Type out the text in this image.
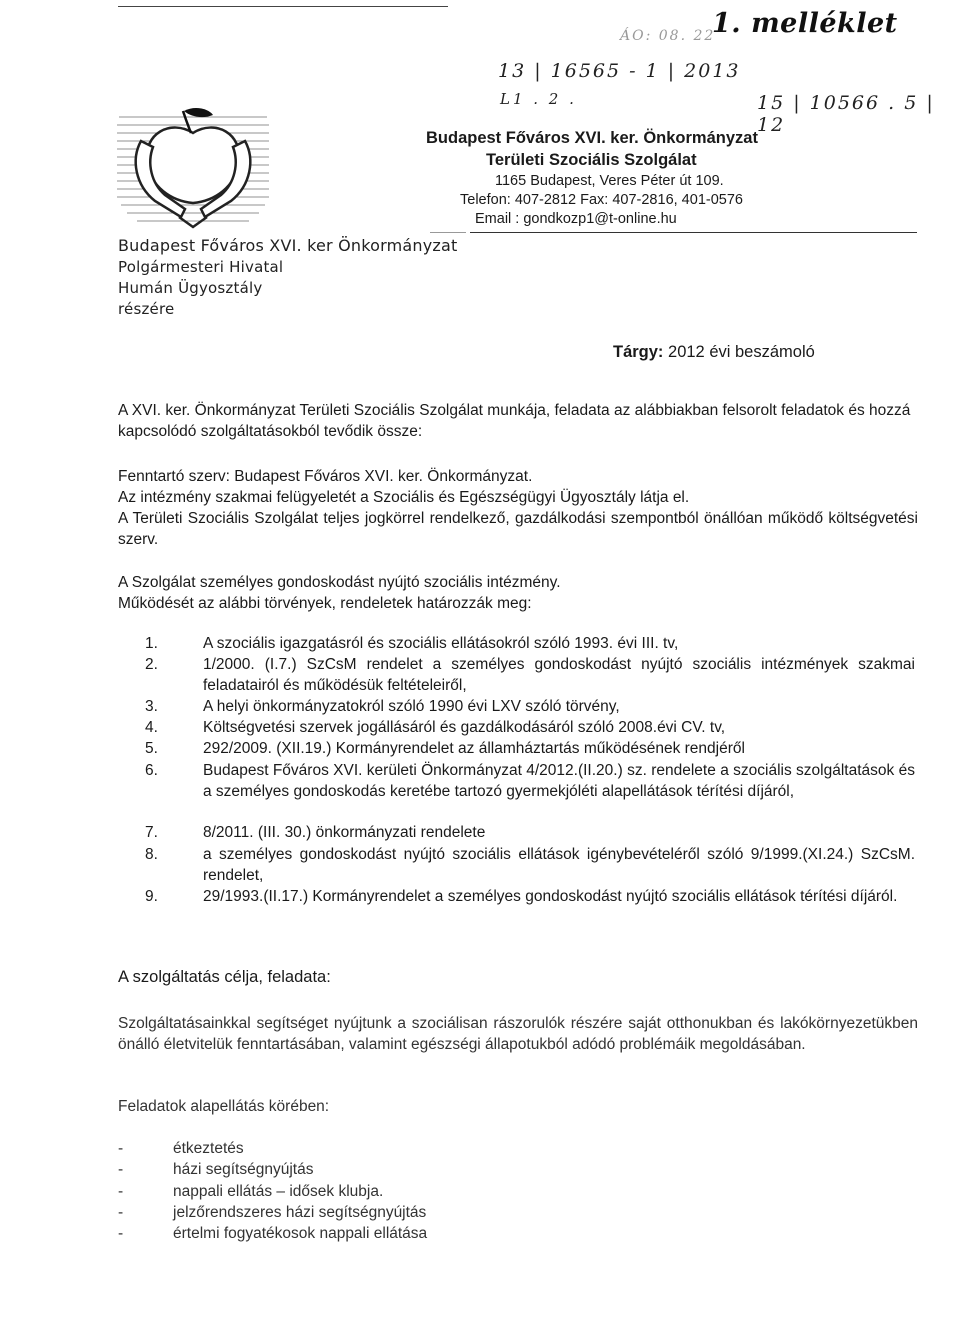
1. melléklet
ÁO: 08. 22
13 | 16565 - 1 | 2013
L1 . 2 .	15 | 10566 . 5 | 12
Budapest Főváros XVI. ker. Önkormányzat
Területi Szociális Szolgálat
1165 Budapest, Veres Péter út 109.
Telefon: 407-2812 Fax: 407-2816, 401-0576
Email : gondkozp1@t-online.hu
Budapest Főváros XVI. ker Önkormányzat
Polgármesteri Hivatal
Humán Ügyosztály
részére
Tárgy: 2012 évi beszámoló
A XVI. ker. Önkormányzat Területi Szociális Szolgálat munkája, feladata az alábbiakban felsorolt feladatok és hozzá kapcsolódó szolgáltatásokból tevődik össze:
Fenntartó szerv: Budapest Főváros XVI. ker. Önkormányzat.
Az intézmény szakmai felügyeletét a Szociális és Egészségügyi Ügyosztály látja el.
A Területi Szociális Szolgálat teljes jogkörrel rendelkező, gazdálkodási szempontból önállóan működő költségvetési szerv.
A Szolgálat személyes gondoskodást nyújtó szociális intézmény.
Működését az alábbi törvények, rendeletek határozzák meg:
1.	A szociális igazgatásról és szociális ellátásokról szóló 1993. évi III. tv,
2.	1/2000. (I.7.) SzCsM rendelet a személyes gondoskodást nyújtó szociális intézmények szakmai feladatairól és működésük feltételeiről,
3.	A helyi önkormányzatokról szóló 1990 évi LXV szóló törvény,
4.	Költségvetési szervek jogállásáról és gazdálkodásáról szóló 2008.évi CV. tv,
5.	292/2009. (XII.19.) Kormányrendelet az államháztartás működésének rendjéről
6.	Budapest Főváros XVI. kerületi Önkormányzat 4/2012.(II.20.) sz. rendelete a szociális szolgáltatások és a személyes gondoskodás keretébe tartozó gyermekjóléti alapellátások térítési díjáról,
7.	8/2011. (III. 30.) önkormányzati rendelete
8.	a személyes gondoskodást nyújtó szociális ellátások igénybevételéről szóló 9/1999.(XI.24.) SzCsM. rendelet,
9.	29/1993.(II.17.) Kormányrendelet a személyes gondoskodást nyújtó szociális ellátások térítési díjáról.
A szolgáltatás célja, feladata:
Szolgáltatásainkkal segítséget nyújtunk a szociálisan rászorulók részére saját otthonukban és lakókörnyezetükben önálló életvitelük fenntartásában, valamint egészségi állapotukból adódó problémáik megoldásában.
Feladatok alapellátás körében:
-	étkeztetés
-	házi segítségnyújtás
-	nappali ellátás – idősek klubja.
-	jelzőrendszeres házi segítségnyújtás
-	értelmi fogyatékosok nappali ellátása
